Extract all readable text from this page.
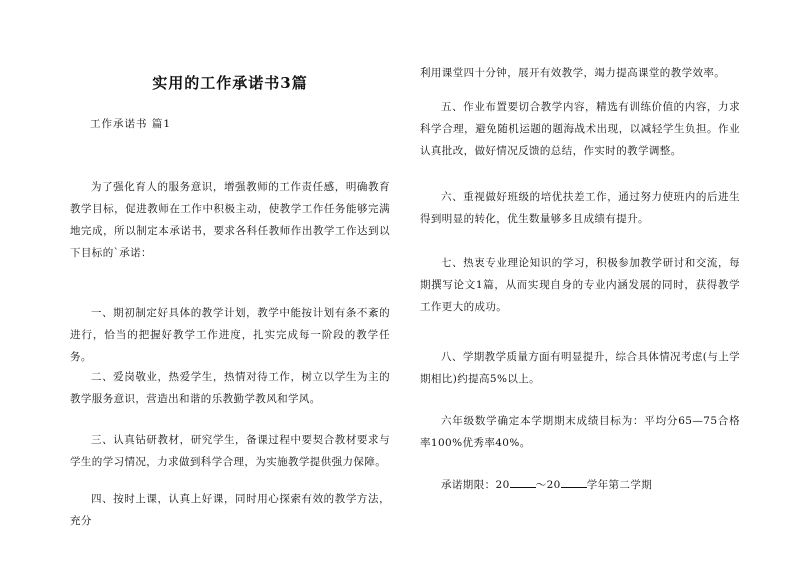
实用的工作承诺书3篇
工作承诺书 篇1
为了强化育人的服务意识，增强教师的工作责任感，明确教育教学目标，促进教师在工作中积极主动，使教学工作任务能够完满地完成，所以制定本承诺书，要求各科任教师作出教学工作达到以下目标的`承诺：
一、期初制定好具体的教学计划，教学中能按计划有条不紊的进行，恰当的把握好教学工作进度，扎实完成每一阶段的教学任务。
二、爱岗敬业，热爱学生，热情对待工作，树立以学生为主的教学服务意识，营造出和谐的乐教勤学教风和学风。
三、认真钻研教材，研究学生，备课过程中要契合教材要求与学生的学习情况，力求做到科学合理，为实施教学提供强力保障。
四、按时上课，认真上好课，同时用心探索有效的教学方法，充分
利用课堂四十分钟，展开有效教学，竭力提高课堂的教学效率。
五、作业布置要切合教学内容，精选有训练价值的内容，力求科学合理，避免随机运题的题海战术出现，以减轻学生负担。作业认真批改，做好情况反馈的总结，作实时的教学调整。
六、重视做好班级的培优扶差工作，通过努力使班内的后进生得到明显的转化，优生数量够多且成绩有提升。
七、热衷专业理论知识的学习，积极参加教学研讨和交流，每期撰写论文1篇，从而实现自身的专业内涵发展的同时，获得教学工作更大的成功。
八、学期教学质量方面有明显提升，综合具体情况考虑(与上学期相比)约提高5%以上。
六年级数学确定本学期期末成绩目标为：平均分65—75合格率100%优秀率40%。
承诺期限：20 ～20 学年第二学期
